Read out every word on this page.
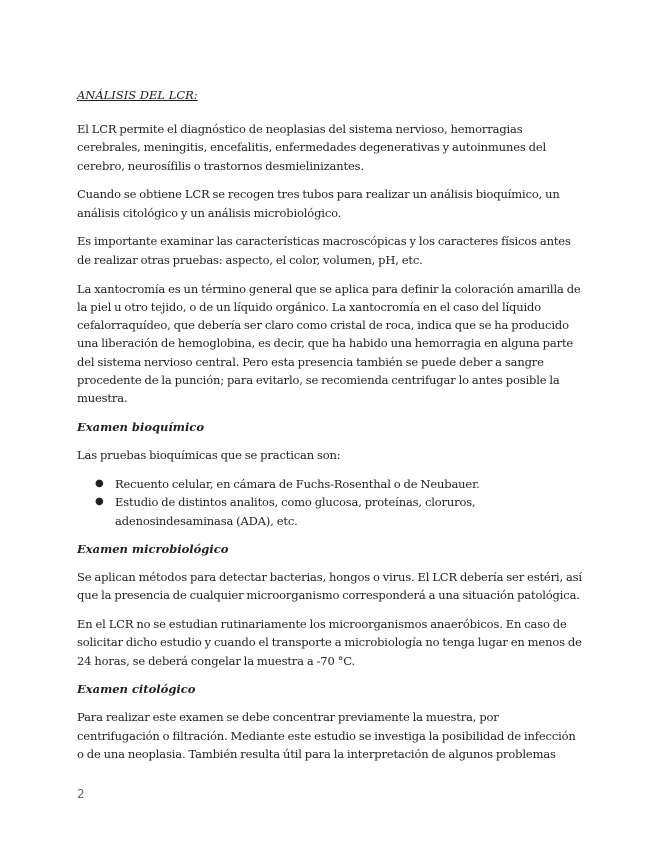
ANÁLISIS DEL LCR:

El LCR permite el diagnóstico de neoplasias del sistema nervioso, hemorragias cerebrales, meningitis, encefalitis, enfermedades degenerativas y autoinmunes del cerebro, neurosífilis o trastornos desmielinizantes.

Cuando se obtiene LCR se recogen tres tubos para realizar un análisis bioquímico, un análisis citológico y un análisis microbiológico.

Es importante examinar las características macroscópicas y los caracteres físicos antes de realizar otras pruebas: aspecto, el color, volumen, pH, etc.

La xantocromía es un término general que se aplica para definir la coloración amarilla de la piel u otro tejido, o de un líquido orgánico. La xantocromía en el caso del líquido cefalorraquídeo, que debería ser claro como cristal de roca, indica que se ha producido una liberación de hemoglobina, es decir, que ha habido una hemorragia en alguna parte del sistema nervioso central. Pero esta presencia también se puede deber a sangre procedente de la punción; para evitarlo, se recomienda centrifugar lo antes posible la muestra.

Examen bioquímico

Las pruebas bioquímicas que se practican son:

● Recuento celular, en cámara de Fuchs-Rosenthal o de Neubauer.
● Estudio de distintos analitos, como glucosa, proteínas, cloruros, adenosindesaminasa (ADA), etc.
Examen microbiológico

Se aplican métodos para detectar bacterias, hongos o virus. El LCR debería ser estéri, así que la presencia de cualquier microorganismo corresponderá a una situación patológica.

En el LCR no se estudian rutinariamente los microorganismos anaeróbicos. En caso de solicitar dicho estudio y cuando el transporte a microbiología no tenga lugar en menos de 24 horas, se deberá congelar la muestra a -70 °C.

Examen citológico

Para realizar este examen se debe concentrar previamente la muestra, por centrifugación o filtración. Mediante este estudio se investiga la posibilidad de infección o de una neoplasia. También resulta útil para la interpretación de algunos problemas

2
